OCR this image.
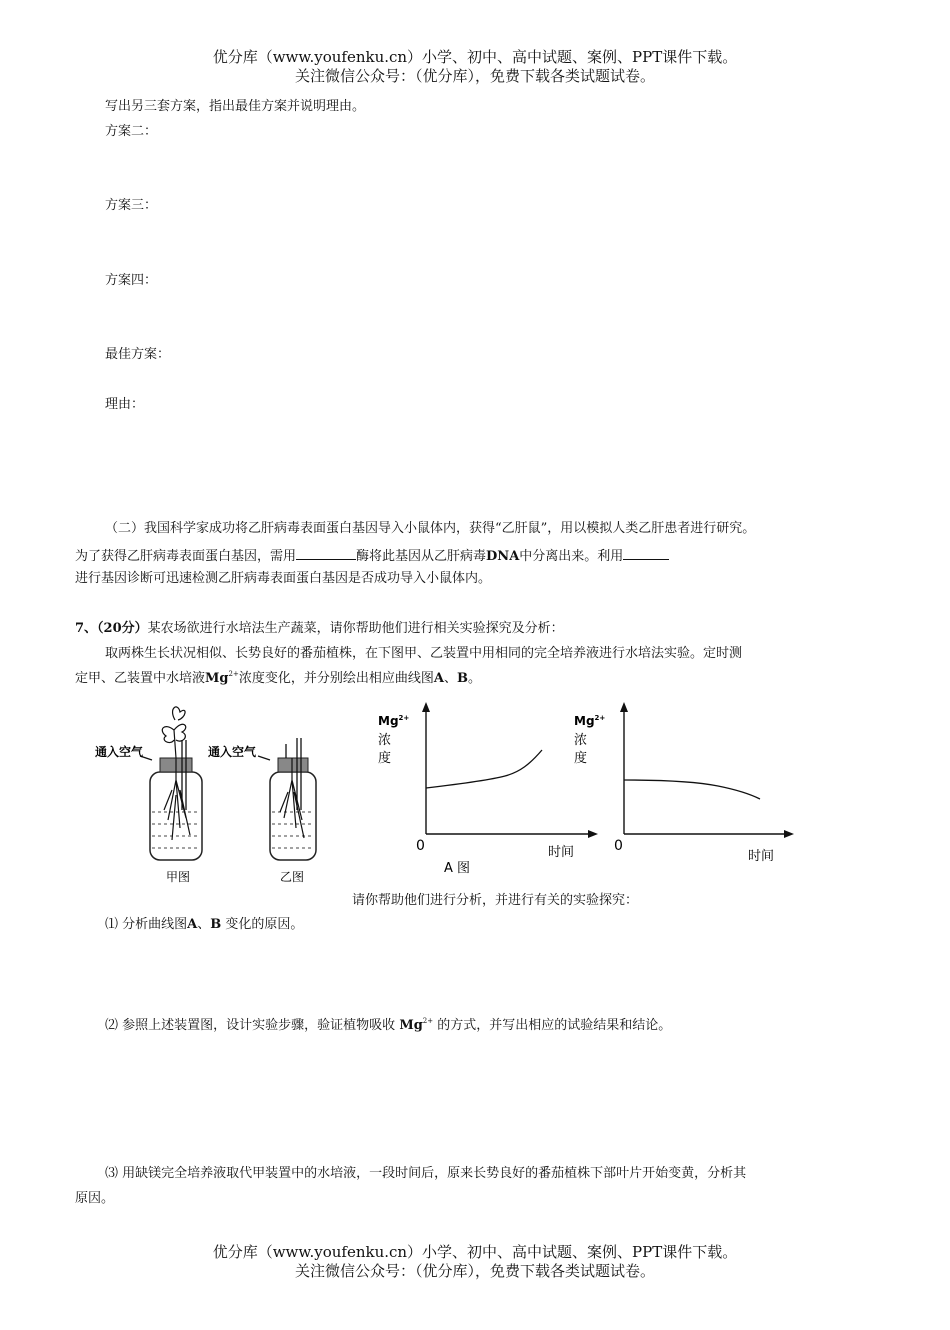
优分库（www.youfenku.cn）小学、初中、高中试题、案例、PPT课件下载。
关注微信公众号：（优分库），免费下载各类试题试卷。
写出另三套方案，指出最佳方案并说明理由。
方案二：
方案三：
方案四：
最佳方案：
理由：
（二）我国科学家成功将乙肝病毒表面蛋白基因导入小鼠体内，获得“乙肝鼠”，用以模拟人类乙肝患者进行研究。
为了获得乙肝病毒表面蛋白基因，需用	酶将此基因从乙肝病毒DNA中分离出来。利用
进行基因诊断可迅速检测乙肝病毒表面蛋白基因是否成功导入小鼠体内。
7、（20分）某农场欲进行水培法生产蔬菜，请你帮助他们进行相关实验探究及分析：
取两株生长状况相似、长势良好的番茄植株，在下图甲、乙装置中用相同的完全培养液进行水培法实验。定时测
定甲、乙装置中水培液$Mg^{2+}$浓度变化，并分别绘出相应曲线图A、B。
通入空气
甲图
通入空气
乙图
$Mg^{2+}$
浓
度
0	时间
A 图
$Mg^{2+}$
浓
度
0
时间
请你帮助他们进行分析，并进行有关的实验探究：
⑴ 分析曲线图A、B 变化的原因。
⑵ 参照上述装置图，设计实验步骤，验证植物吸收 $Mg^{2+}$ 的方式，并写出相应的试验结果和结论。
⑶ 用缺镁完全培养液取代甲装置中的水培液，一段时间后，原来长势良好的番茄植株下部叶片开始变黄，分析其
原因。
优分库（www.youfenku.cn）小学、初中、高中试题、案例、PPT课件下载。
关注微信公众号：（优分库），免费下载各类试题试卷。
